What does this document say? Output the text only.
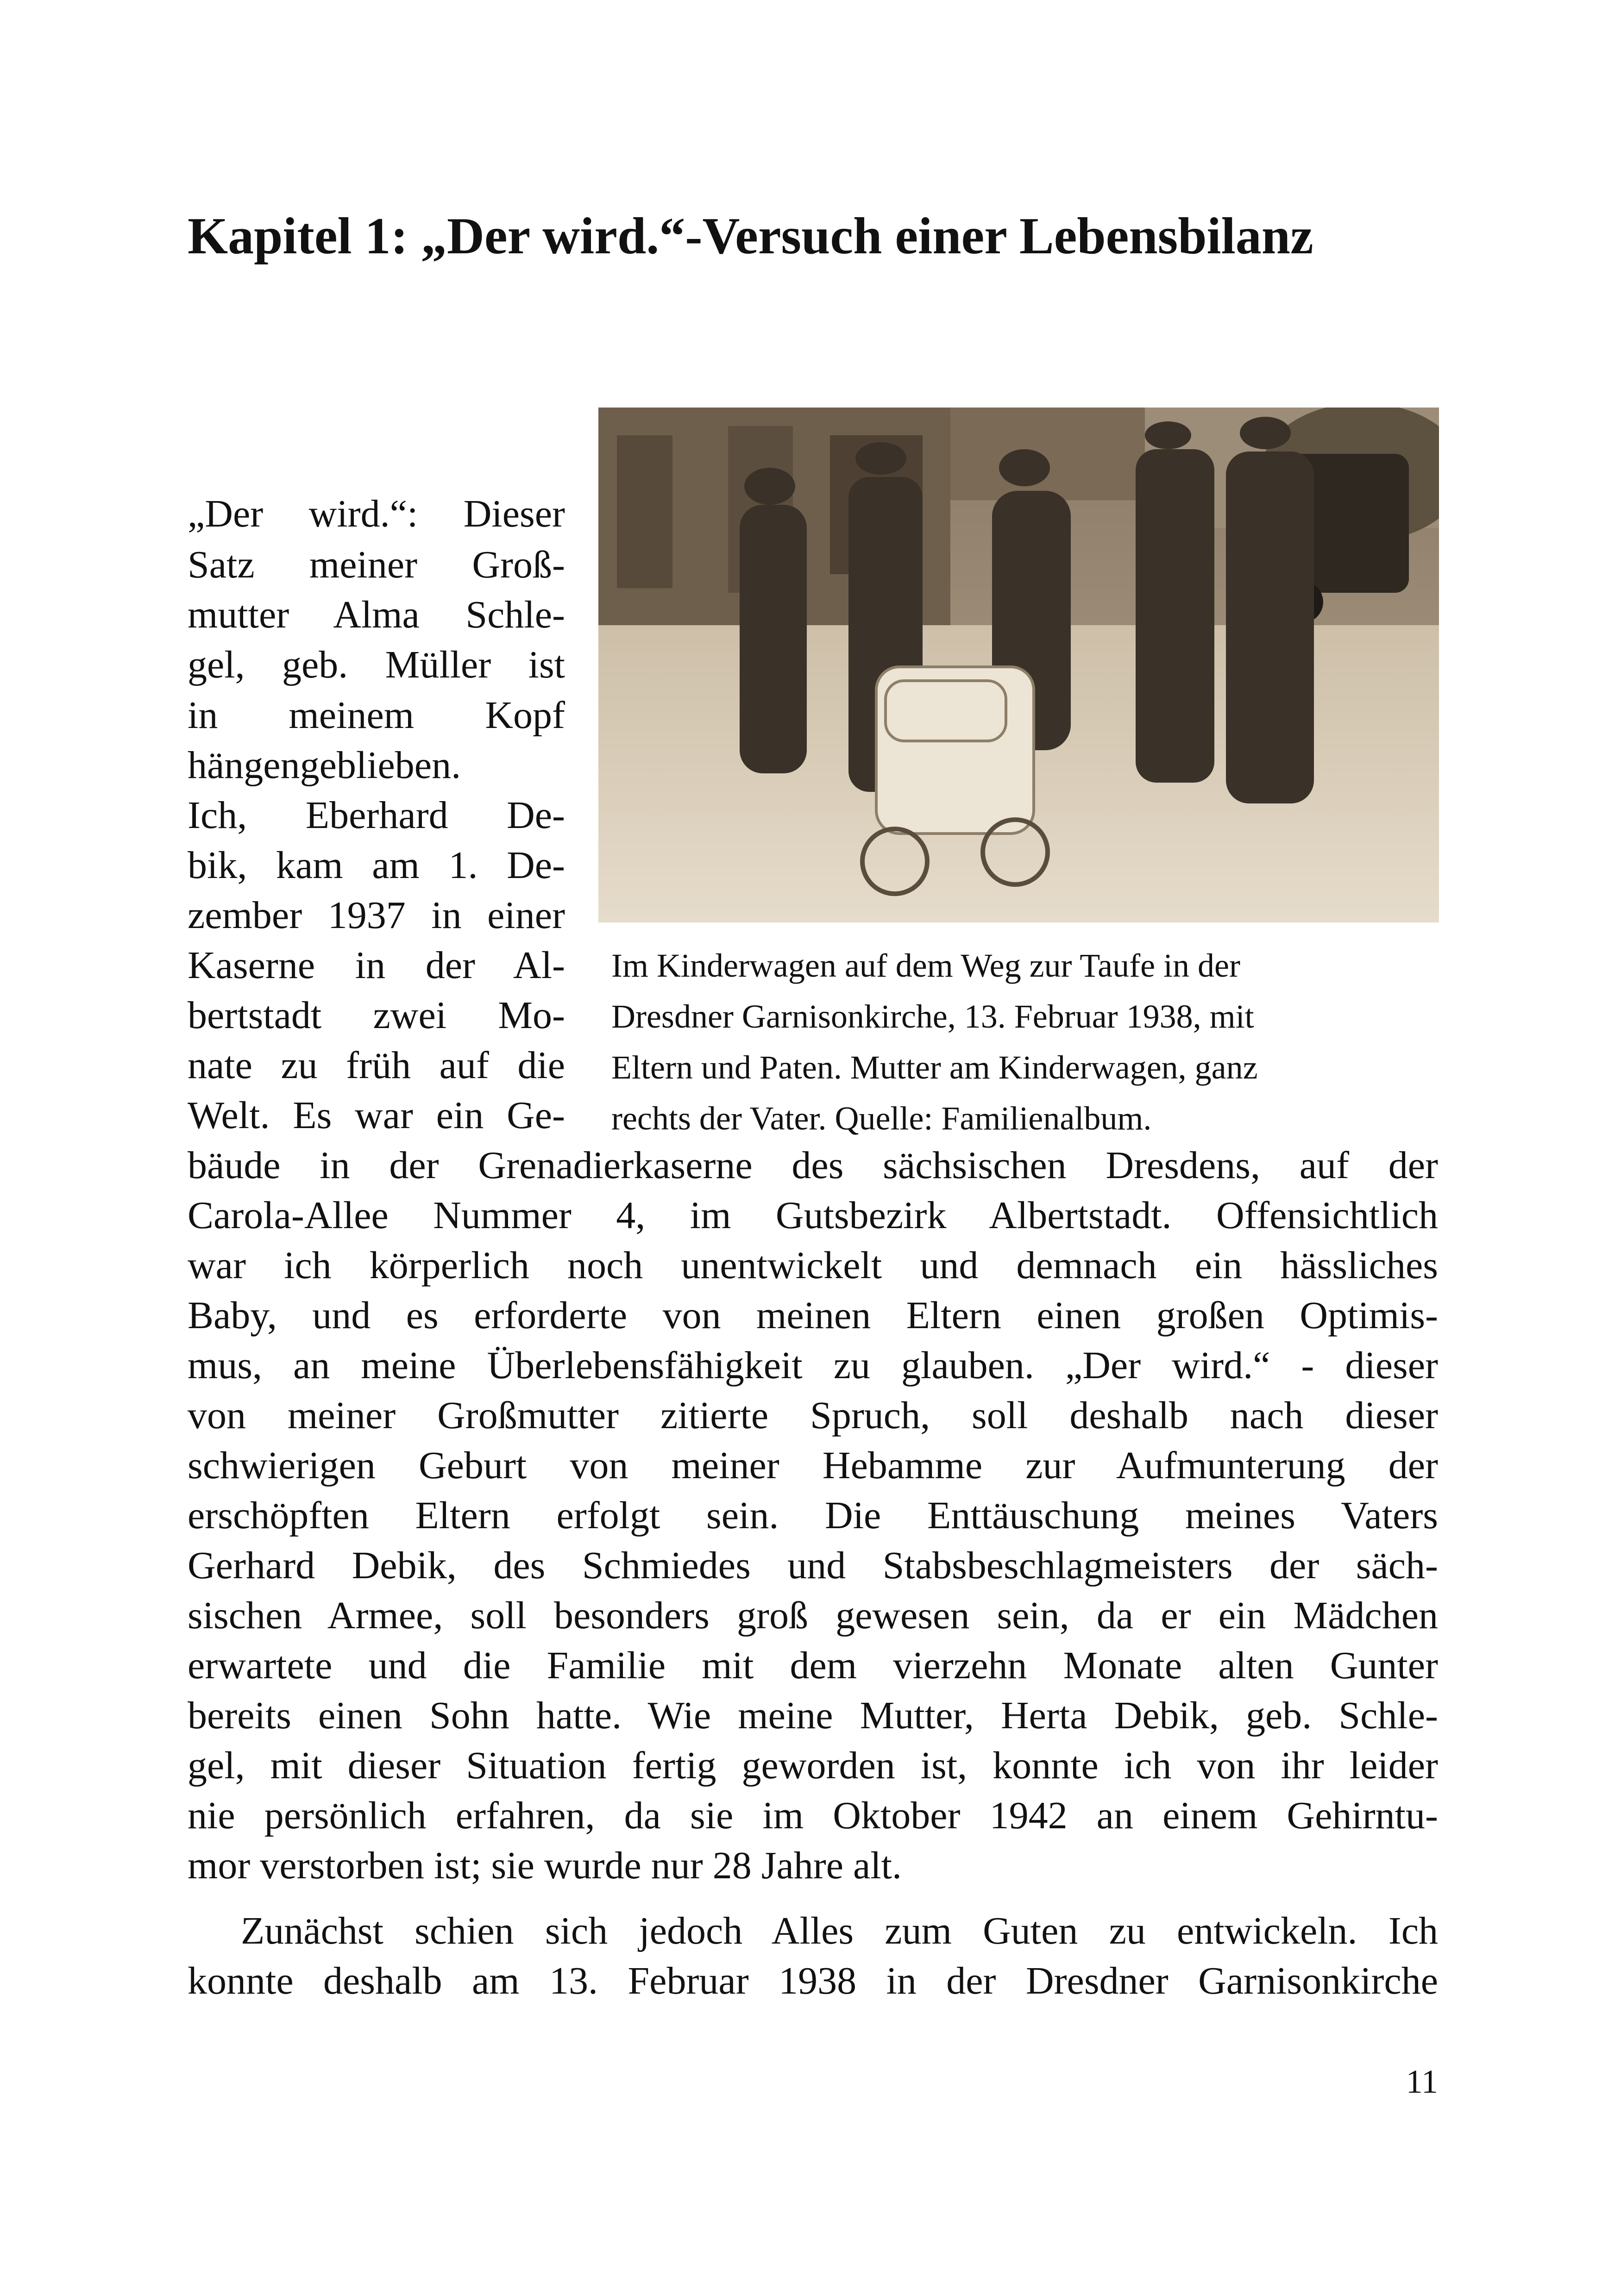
Kapitel 1: „Der wird.“-Versuch einer Lebensbilanz
„Der wird.“: Dieser
Satz meiner Groß-
mutter Alma Schle-
gel, geb. Müller ist
in meinem Kopf
hängengeblieben.
Ich, Eberhard De-
bik, kam am 1. De-
zember 1937 in einer
Kaserne in der Al-
bertstadt zwei Mo-
nate zu früh auf die
Welt. Es war ein Ge-
Im Kinderwagen auf dem Weg zur Taufe in der
Dresdner Garnisonkirche, 13. Februar 1938, mit
Eltern und Paten. Mutter am Kinderwagen, ganz
rechts der Vater. Quelle: Familienalbum.
bäude in der Grenadierkaserne des sächsischen Dresdens, auf der
Carola-Allee Nummer 4, im Gutsbezirk Albertstadt. Offensichtlich
war ich körperlich noch unentwickelt und demnach ein hässliches
Baby, und es erforderte von meinen Eltern einen großen Optimis-
mus, an meine Überlebensfähigkeit zu glauben. „Der wird.“ - dieser
von meiner Großmutter zitierte Spruch, soll deshalb nach dieser
schwierigen Geburt von meiner Hebamme zur Aufmunterung der
erschöpften Eltern erfolgt sein. Die Enttäuschung meines Vaters
Gerhard Debik, des Schmiedes und Stabsbeschlagmeisters der säch-
sischen Armee, soll besonders groß gewesen sein, da er ein Mädchen
erwartete und die Familie mit dem vierzehn Monate alten Gunter
bereits einen Sohn hatte. Wie meine Mutter, Herta Debik, geb. Schle-
gel, mit dieser Situation fertig geworden ist, konnte ich von ihr leider
nie persönlich erfahren, da sie im Oktober 1942 an einem Gehirntu-
mor verstorben ist; sie wurde nur 28 Jahre alt.
Zunächst schien sich jedoch Alles zum Guten zu entwickeln. Ich
konnte deshalb am 13. Februar 1938 in der Dresdner Garnisonkirche
11
